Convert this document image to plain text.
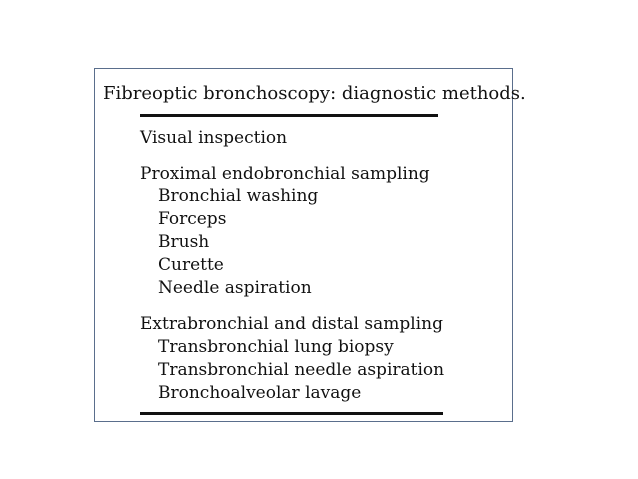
Fibreoptic bronchoscopy: diagnostic methods.
Visual inspection
Proximal endobronchial sampling
Bronchial washing
Forceps
Brush
Curette
Needle aspiration
Extrabronchial and distal sampling
Transbronchial lung biopsy
Transbronchial needle aspiration
Bronchoalveolar lavage
